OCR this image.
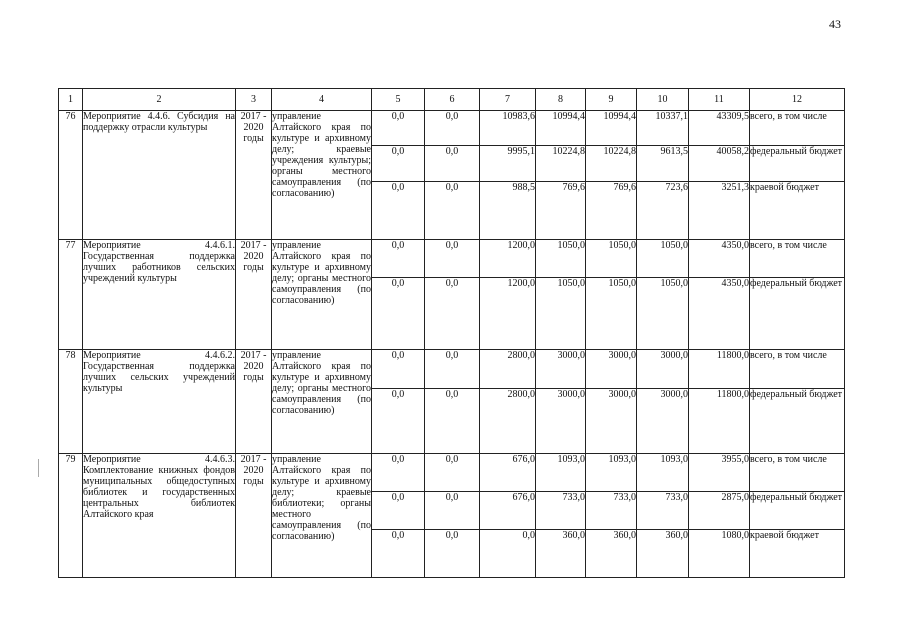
43
1	2	3	4	5	6	7	8	9	10	11	12
76	Мероприятие 4.4.6. Субсидия на поддержку отрасли культуры	2017 - 2020 годы	управление Алтайского края по культуре и архивному делу; краевые учреждения культуры; органы местного самоуправления (по согласованию)	0,0	0,0	10983,6	10994,4	10994,4	10337,1	43309,5	всего, в том числе
				0,0	0,0	9995,1	10224,8	10224,8	9613,5	40058,2	федеральный бюджет
				0,0	0,0	988,5	769,6	769,6	723,6	3251,3	краевой бюджет
77	Мероприятие 4.4.6.1. Государственная поддержка лучших работников сельских учреждений культуры	2017 - 2020 годы	управление Алтайского края по культуре и архивному делу; органы местного самоуправления (по согласованию)	0,0	0,0	1200,0	1050,0	1050,0	1050,0	4350,0	всего, в том числе
				0,0	0,0	1200,0	1050,0	1050,0	1050,0	4350,0	федеральный бюджет
78	Мероприятие 4.4.6.2. Государственная поддержка лучших сельских учреждений культуры	2017 - 2020 годы	управление Алтайского края по культуре и архивному делу; органы местного самоуправления (по согласованию)	0,0	0,0	2800,0	3000,0	3000,0	3000,0	11800,0	всего, в том числе
				0,0	0,0	2800,0	3000,0	3000,0	3000,0	11800,0	федеральный бюджет
79	Мероприятие 4.4.6.3. Комплектование книжных фондов муниципальных общедоступных библиотек и государственных центральных библиотек Алтайского края	2017 - 2020 годы	управление Алтайского края по культуре и архивному делу; краевые библиотеки; органы местного самоуправления (по согласованию)	0,0	0,0	676,0	1093,0	1093,0	1093,0	3955,0	всего, в том числе
				0,0	0,0	676,0	733,0	733,0	733,0	2875,0	федеральный бюджет
				0,0	0,0	0,0	360,0	360,0	360,0	1080,0	краевой бюджет
